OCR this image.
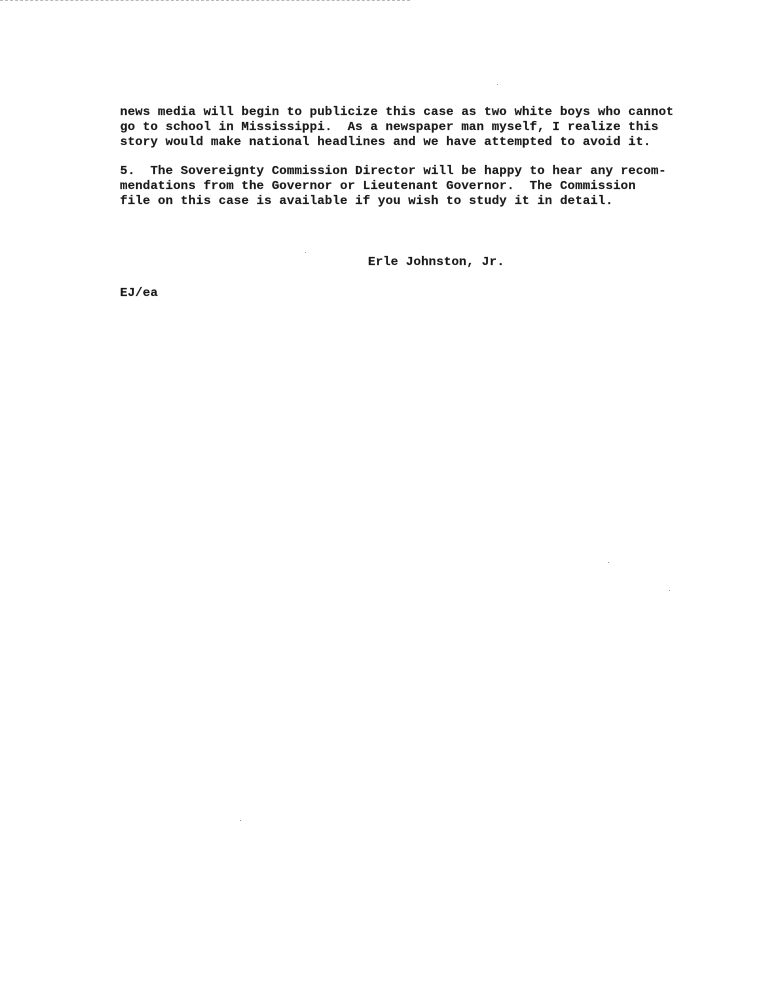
news media will begin to publicize this case as two white boys who cannot
go to school in Mississippi.  As a newspaper man myself, I realize this
story would make national headlines and we have attempted to avoid it.
5.  The Sovereignty Commission Director will be happy to hear any recom-
mendations from the Governor or Lieutenant Governor.  The Commission
file on this case is available if you wish to study it in detail.
Erle Johnston, Jr.
EJ/ea
